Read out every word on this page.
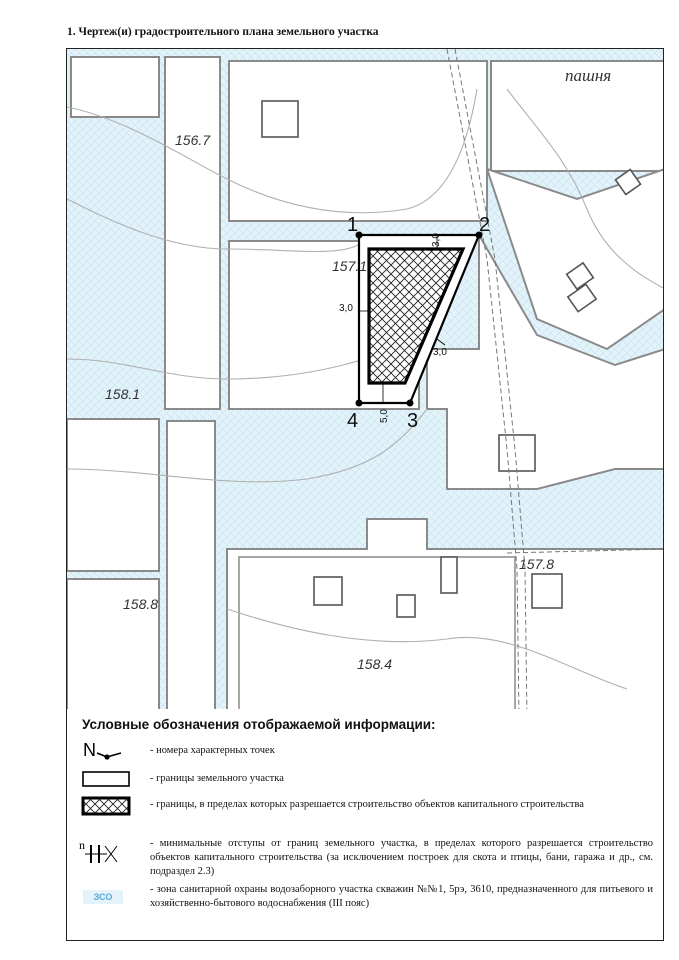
1. Чертеж(и) градостроительного плана земельного участка
1	2
3
4
3,0
3,0
3,0
5,0
156.7
157.1
158.1
158.8
158.4
157.8
пашня
Условные обозначения отображаемой информации:
N	- номера характерных точек
- границы земельного участка
- границы, в пределах которых разрешается строительство объектов капитального строительства
n	- минимальные отступы от границ земельного участка, в пределах которого разрешается строительство объектов капитального строительства (за исключением построек для скота и птицы, бани, гаража и др., см. подраздел 2.3)
ЗСО
- зона санитарной охраны водозаборного участка скважин №№1, 5рэ, 3610, предназначенного для питьевого и хозяйственно-бытового водоснабжения (III пояс)
